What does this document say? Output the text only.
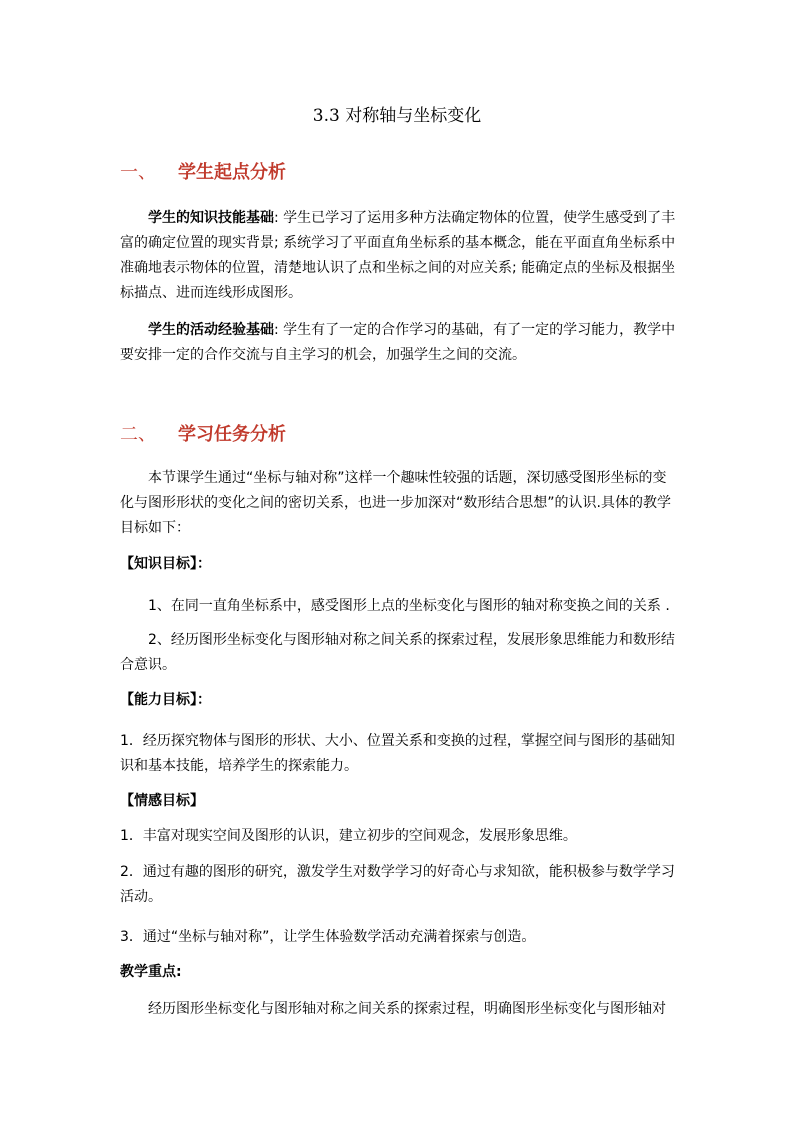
3.3 对称轴与坐标变化
一、 学生起点分析

学生的知识技能基础: 学生已学习了运用多种方法确定物体的位置，使学生感受到了丰富的确定位置的现实背景; 系统学习了平面直角坐标系的基本概念，能在平面直角坐标系中准确地表示物体的位置，清楚地认识了点和坐标之间的对应关系; 能确定点的坐标及根据坐标描点、进而连线形成图形。

学生的活动经验基础: 学生有了一定的合作学习的基础，有了一定的学习能力，教学中要安排一定的合作交流与自主学习的机会，加强学生之间的交流。

二、 学习任务分析

本节课学生通过“坐标与轴对称”这样一个趣味性较强的话题，深切感受图形坐标的变化与图形形状的变化之间的密切关系，也进一步加深对“数形结合思想”的认识.具体的教学目标如下：

【知识目标】：

1、在同一直角坐标系中，感受图形上点的坐标变化与图形的轴对称变换之间的关系 .

2、经历图形坐标变化与图形轴对称之间关系的探索过程，发展形象思维能力和数形结合意识。

【能力目标】：

1．经历探究物体与图形的形状、大小、位置关系和变换的过程，掌握空间与图形的基础知识和基本技能，培养学生的探索能力。

【情感目标】

1．丰富对现实空间及图形的认识，建立初步的空间观念，发展形象思维。

2．通过有趣的图形的研究，激发学生对数学学习的好奇心与求知欲，能积极参与数学学习活动。

3．通过“坐标与轴对称”，让学生体验数学活动充满着探索与创造。

教学重点:

经历图形坐标变化与图形轴对称之间关系的探索过程，明确图形坐标变化与图形轴对
